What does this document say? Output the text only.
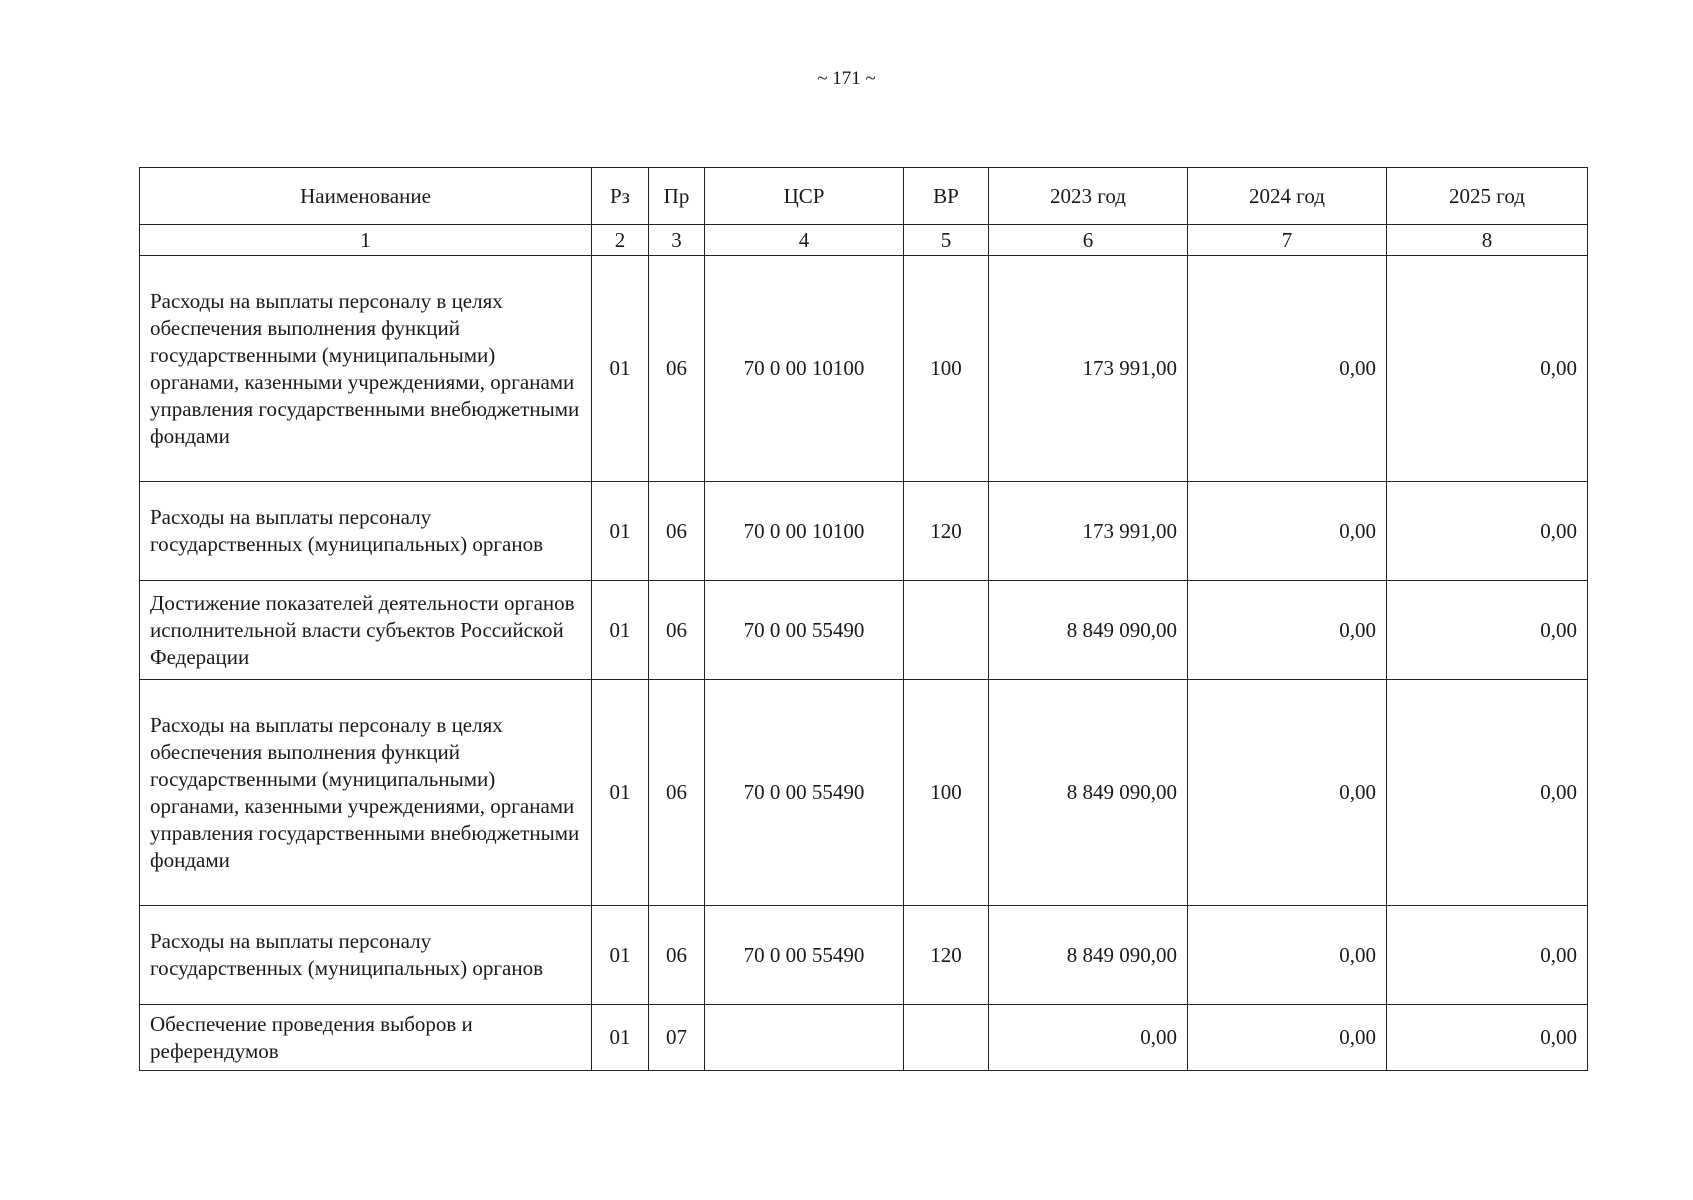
~ 171 ~
Наименование	Рз	Пр	ЦСР	ВР	2023 год	2024 год	2025 год
1	2	3	4	5	6	7	8
Расходы на выплаты персоналу в целях обеспечения выполнения функций государственными (муниципальными) органами, казенными учреждениями, органами управления государственными внебюджетными фондами	01	06	70 0 00 10100	100	173 991,00	0,00	0,00
Расходы на выплаты персоналу государственных (муниципальных) органов	01	06	70 0 00 10100	120	173 991,00	0,00	0,00
Достижение показателей деятельности органов исполнительной власти субъектов Российской Федерации	01	06	70 0 00 55490		8 849 090,00	0,00	0,00
Расходы на выплаты персоналу в целях обеспечения выполнения функций государственными (муниципальными) органами, казенными учреждениями, органами управления государственными внебюджетными фондами	01	06	70 0 00 55490	100	8 849 090,00	0,00	0,00
Расходы на выплаты персоналу государственных (муниципальных) органов	01	06	70 0 00 55490	120	8 849 090,00	0,00	0,00
Обеспечение проведения выборов и референдумов	01	07			0,00	0,00	0,00
